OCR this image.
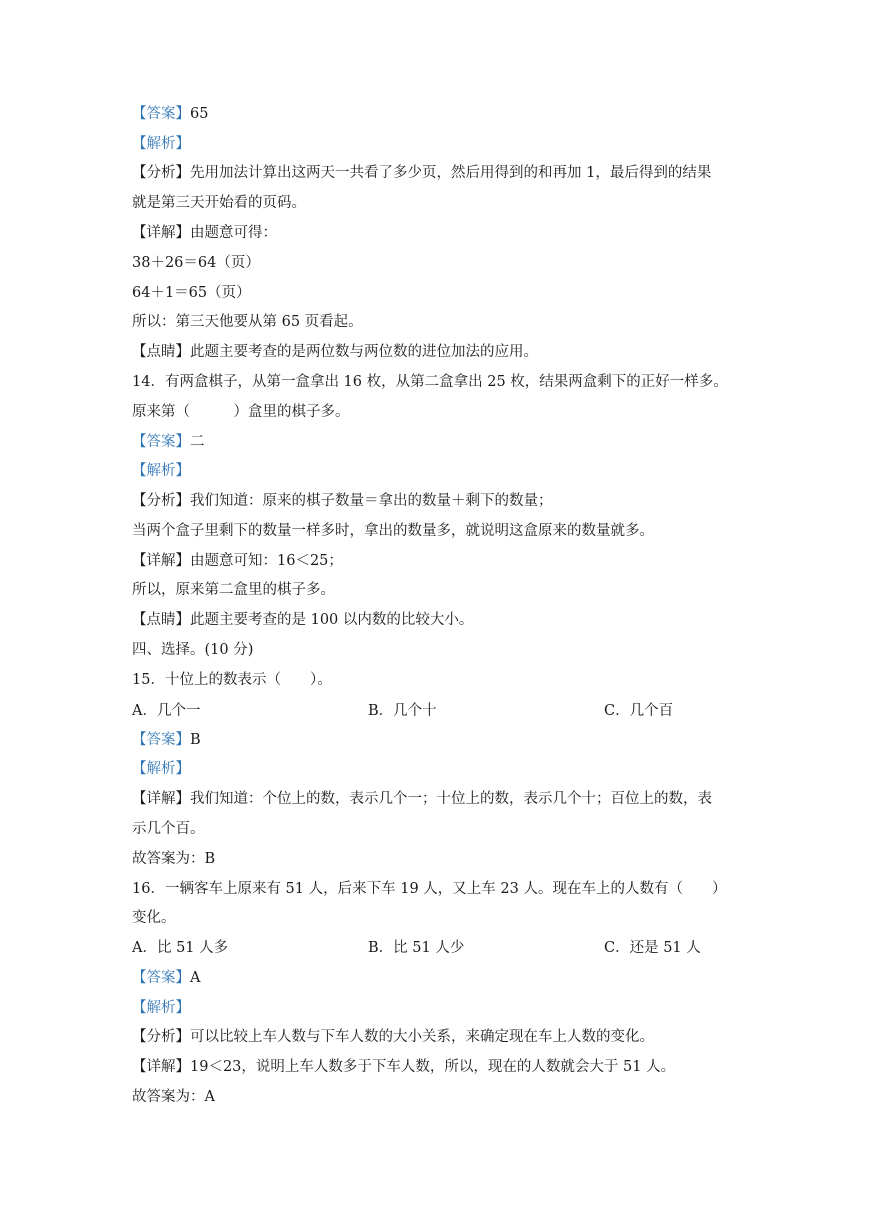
【答案】65
【解析】
【分析】先用加法计算出这两天一共看了多少页，然后用得到的和再加 1，最后得到的结果
就是第三天开始看的页码。
【详解】由题意可得：
38＋26＝64（页）
64＋1＝65（页）
所以：第三天他要从第 65 页看起。
【点睛】此题主要考查的是两位数与两位数的进位加法的应用。
14．有两盒棋子，从第一盒拿出 16 枚，从第二盒拿出 25 枚，结果两盒剩下的正好一样多。
原来第（　　　）盒里的棋子多。
【答案】二
【解析】
【分析】我们知道：原来的棋子数量＝拿出的数量＋剩下的数量；
当两个盒子里剩下的数量一样多时，拿出的数量多，就说明这盒原来的数量就多。
【详解】由题意可知：16＜25；
所以，原来第二盒里的棋子多。
【点睛】此题主要考查的是 100 以内数的比较大小。
四、选择。(10 分)
15．十位上的数表示（　　）。
A．几个一	B．几个十	C．几个百
【答案】B
【解析】
【详解】我们知道：个位上的数，表示几个一；十位上的数，表示几个十；百位上的数，表
示几个百。
故答案为：B
16．一辆客车上原来有 51 人，后来下车 19 人，又上车 23 人。现在车上的人数有（　　）
变化。
A．比 51 人多	B．比 51 人少	C．还是 51 人
【答案】A
【解析】
【分析】可以比较上车人数与下车人数的大小关系，来确定现在车上人数的变化。
【详解】19＜23，说明上车人数多于下车人数，所以，现在的人数就会大于 51 人。
故答案为：A
